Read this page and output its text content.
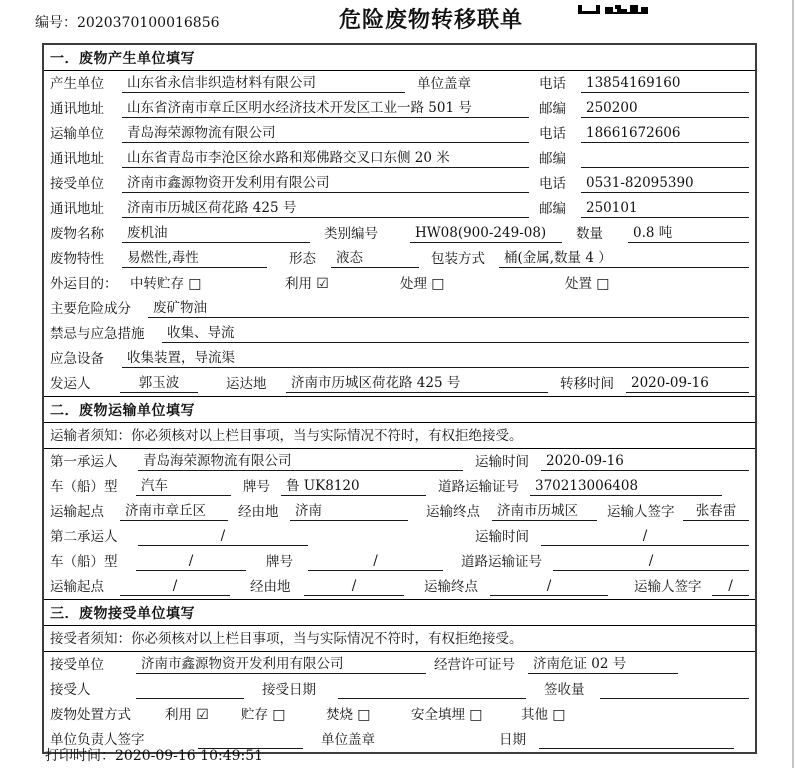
编号：2020370100016856	危险废物转移联单
一．废物产生单位填写
产生单位	山东省永信非织造材料有限公司	单位盖章	电话	13854169160
通讯地址	山东省济南市章丘区明水经济技术开发区工业一路 501 号	邮编	250200
运输单位	青岛海荣源物流有限公司	电话	18661672606
通讯地址	山东省青岛市李沧区徐水路和郑佛路交叉口东侧 20 米	邮编
接受单位	济南市鑫源物资开发利用有限公司	电话	0531-82095390
通讯地址	济南市历城区荷花路 425 号	邮编	250101
废物名称	废机油	类别编号	HW08(900-249-08)	数量	0.8 吨
废物特性	易燃性,毒性	形态	液态	包装方式	桶(金属,数量 4 ）
外运目的： 中转贮存 □	利用 ☑	处理 □	处置 □
主要危险成分	废矿物油
禁忌与应急措施	收集、导流
应急设备	收集装置，导流渠
发运人	郭玉波	运达地	济南市历城区荷花路 425 号	转移时间	2020-09-16
二．废物运输单位填写
运输者须知：你必须核对以上栏目事项，当与实际情况不符时，有权拒绝接受。
第一承运人	青岛海荣源物流有限公司	运输时间	2020-09-16
车（船）型	汽车	牌号	鲁 UK8120	道路运输证号	370213006408
运输起点	济南市章丘区	经由地	济南	运输终点	济南市历城区	运输人签字	张春雷
第二承运人	/	运输时间	/
车（船）型	/	牌号	/	道路运输证号	/
运输起点	/	经由地	/	运输终点	/	运输人签字	/
三．废物接受单位填写
接受者须知：你必须核对以上栏目事项，当与实际情况不符时，有权拒绝接受。
接受单位	济南市鑫源物资开发利用有限公司	经营许可证号	济南危证 02 号
接受人	接受日期	签收量
废物处置方式	利用 ☑	贮存 □	焚烧 □	安全填埋 □	其他 □
单位负责人签字	单位盖章	日期
打印时间：2020-09-16 10:49:51
